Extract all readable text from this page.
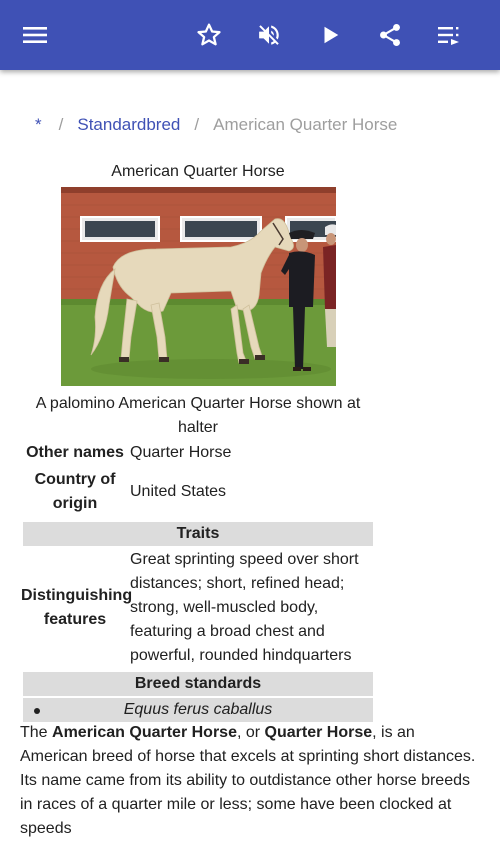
* / Standardbred / American Quarter Horse
American Quarter Horse
A palomino American Quarter Horse shown at halter
Other names Quarter Horse
Country of origin
United States
Traits
Distinguishing features
Great sprinting speed over short distances; short, refined head; strong, well-muscled body, featuring a broad chest and powerful, rounded hindquarters
Breed standards
Equus ferus caballus
The American Quarter Horse, or Quarter Horse, is an American breed of horse that excels at sprinting short distances. Its name came from its ability to outdistance other horse breeds in races of a quarter mile or less; some have been clocked at speeds
